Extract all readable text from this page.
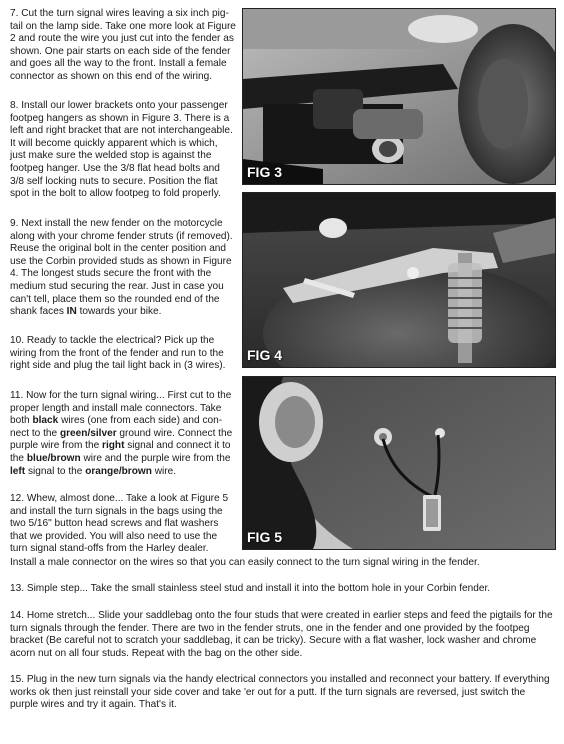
7. Cut the turn signal wires leaving a six inch pig-tail on the lamp side. Take one more look at Figure 2 and route the wire you just cut into the fender as shown. One pair starts on each side of the fender and goes all the way to the front. Install a female connector as shown on this end of the wiring.

8. Install our lower brackets onto your passenger footpeg hangers as shown in Figure 3. There is a left and right bracket that are not interchangeable. It will become quickly apparent which is which, just make sure the welded stop is against the footpeg hanger. Use the 3/8 flat head bolts and 3/8 self locking nuts to secure. Position the flat spot in the bolt to allow footpeg to fold properly.

9. Next install the new fender on the motorcycle along with your chrome fender struts (if removed). Reuse the original bolt in the center position and use the Corbin provided studs as shown in Figure 4. The longest studs secure the front with the medium stud securing the rear. Just in case you can't tell, place them so the rounded end of the shank faces IN towards your bike.

10. Ready to tackle the electrical? Pick up the wiring from the front of the fender and run to the right side and plug the tail light back in (3 wires).

11. Now for the turn signal wiring... First cut to the proper length and install male connectors. Take both black wires (one from each side) and con-nect to the green/silver ground wire. Connect the purple wire from the right signal and connect it to the blue/brown wire and the purple wire from the left signal to the orange/brown wire.

12. Whew, almost done... Take a look at Figure 5 and install the turn signals in the bags using the two 5/16" button head screws and flat washers that we provided. You will also need to use the turn signal stand-offs from the Harley dealer.

Install a male connector on the wires so that you can easily connect to the turn signal wiring in the fender.

13. Simple step... Take the small stainless steel stud and install it into the bottom hole in your Corbin fender.

14. Home stretch... Slide your saddlebag onto the four studs that were created in earlier steps and feed the pigtails for the turn signals through the fender. There are two in the fender struts, one in the fender and one provided by the footpeg bracket (Be careful not to scratch your saddlebag, it can be tricky). Secure with a flat washer, lock washer and chrome acorn nut on all four studs. Repeat with the bag on the other side.

15. Plug in the new turn signals via the handy electrical connectors you installed and reconnect your battery. If everything works ok then just reinstall your side cover and take 'er out for a putt. If the turn signals are reversed, just switch the purple wires and try it again. That's it.

FIG 3
FIG 4
FIG 5
